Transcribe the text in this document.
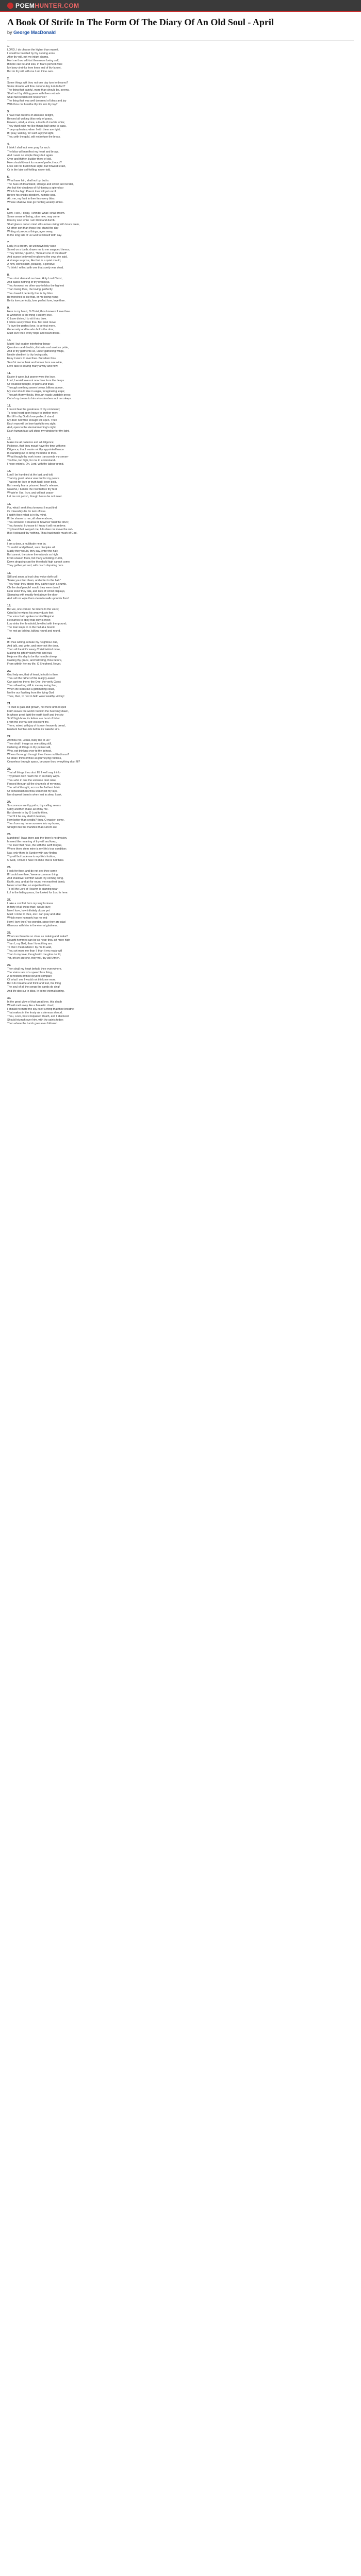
POEMHUNTER.COM
A Book Of Strife In The Form Of The Diary Of An Old Soul - April
by George MacDonald
1.
LORD, I do choose the higher than myself.
I would be handled by thy nursing arms
After thy will, not my infant alarms.
Hurt me thou wilt-but then more loving self,
If more can be and less, in fear's perfect zone
My bony shrinks from keen end of thy lancet,
But do thy will with me I am thine own.
2.
Some things wilt thou not one day turn to dreams?
Some dreams wilt thou not one day turn to fact?
The thing that painful, more than should be, seems,
Shall not thy sliding years with them retract-
Shall fact redden not reverence?
The thing that was well dreamed of bless and joy
With thou not breathe thy life into thy toy?
3.
I have had dreams of absolute delight,
Beyond all waking bliss-only of grass,
Flowers, wind, a stone, a touch of marble white;
They dwelt with me like things half come to pass,
True prophesies;-when I with them are right,
If I pray, waking, for such a joyful sight,
Thou with the gold, wilt not refuse the brass.
4.
I think I shall not ever pray for such:
Thy bliss will manifest my heart and brows,
And I want no simple things but again
Over and thither, builder there of old,
How should it want its more of perfect touch?
Look will not buckwheat sight, but forward strain,
Or in the lake self-telling, never told.
5.
What have lain, shall not by, but is:
The hues of dreamland, strange and sweet and tender,
Are but hint-shadows of full-toning a splendour
Which the high Parent love will yet unroll
Before his child's obedient, humble soul.
Ah, me, my fault in thee lies every bliss:
Whose shadow man go hunting wearily amiss.
6.
Now, I see, I delay, I wonder what I shall broom.
Some sense of being, utter new, may come
Into my soul while I am blind and dumb-
Shall glance out on mind all sunrises rising with hours teem,
Of other sort than those that stand the day
Writing at precious things, ages away,
In the long tale of us God to himself doth say.
7.
Lady, in a dream, an unknown holy case
Saved on a tomb, drawn me to me snapped thence;
"They tell me," quoth I, "thou art one of the dead!"
And scarce believed he glistens the yew she said,
A strange surprise, like that in a quiet mouth;
A new, iconoclasm, pleasing, a pensive,
To think I reflect with one that sorely was dead.
8.
Thou dost demand our love, Holy Lord Christ,
And batest nothing of thy lowliness.
Thou knowest no other way to bliss the highest
Than loving thee, the loving, perfectly.
Thou loved it perfectly that is thy bliss:
Be trenched in like that, or me being rising-
Be its love perfectly, love perfect love, love thee.
9.
Here is my heart, O Christ; thou knowest I love thee.
Is wretched is the thing I call my love.
O Love divine, I to sit it into thee.
I follow surely when thou first dost move.
To love the perfect love, is perfect more.
Generosity and he who holds the door,
Must love thee every hope and heart divine.
10.
Might I but scatter interfering things-
Questions and doubts, distrusts and anxious pride,
And in thy garments so, under gathering wings,
Nestle obedient to thy loving side,
Easy it were to love thee. But when thou
Send'st me to think and labour from see wide,
Love falls to solving many a why and how.
11.
Easier it were, but poorer were the love.
Lord, I would love not now thee from the deeps
Of troubled thought, of pains and trials.
Through seething waves below, billows above,
My soul should rise in eager, foraginating leaps;
Through thorny thicks, through roads unstable press-
Out of my dream to him who slumbers not nor sleeps.
12.
I do not fear the greatness of thy command;
To keep heart open hosue to brother men;
But till in thy God's love perfect I stand,
My door not wide enough will open. Then
Each man will be love-lawful to my sight;
And, open to the eternal morning's night,
Each human face will shine my window for thy light.
13.
Make me all patience and all diligence;
Patience, that thou mayst have thy time with me;
Diligence, that I waste not thy appointed hence
In standing out to bring me home to thee.
What though thy work in me transcends my sense-
Too fine, too high, for me to understand-
I hope entirely. On, Lord, with thy labour grand.
14.
Lord I be humbled at the last, and told
That my great labour was but for my peace
That not for love or truth had I been bold,
But merely fear a prisoned heart's release,
Grateful, I tumble the now before thy feet.
Whate'er I be, I cry, and will not cease-
Let me not perish, though beasa be not meet.
15.
For, what I seek thou knowest I must find,
Or miserably die for lack of love.
I justify thee: what is in thy mind,
If I be shame to me, all shame above,
Thou knowest it cleanse it, however hard the drive;
Thou know'st I choose it-I know it will not relieve.
Thy hand that swayed me, I do dare not move the rod-
If so it pleased thy nothing, Thou hast made much of God.
16.
I am a door, a multitude near by,
To sordid and pillared, sure disciples all.
Madly they would, they say, enter the hall;
But cannot, the stone thereabouts so high,
From unseen foots, full many a footing crumb,
Down dropping can the threshold high cannot come.
They gather yet and, with much disputing hum.
17.
Still and anon, a loud clear voice doth call:
"Make your feet clean, and enter to the hall."
They hear, they stoop; they gather such a crumb,
Oh the deaf people! would they were dumb!
Hear know they talk, and lack of Christ displays,
Stamping with muddy feet above the door,
And will not wipe them clean to walk upon his floor!
18.
But we, one comes: he listens to the voice;
Cries'tis he wipes his weary dusty feet
The voice hath spoken to him! Rejoice!
He hurries to obey-that only is meet-
Low sinks the threshold, levelled with the ground;
The man leaps in to the hall at a bound.
The rest go talking, talking round and round.
19.
If I thus writing, rebuke my neighbour dull,
And talk, and write, and enter not the door,
Then all the riot's weary Christ behind more,
Making his gift of vision void and null,
Help me this day to be thy humble sheep,
Casting thy grace, and following, thou before,
From withith her my life, O Shepherd, Never.
20.
God help me, that of heart, in truth in thee,
Thou art the father of the real joy-eased
Can part me there; the One, the verily Good;
Thou all-waking still to me my loving fear,
When life looks but a glimmering cloud,
No fire our flashing from the living God
Thee, then, to rest in faith were wealthy victory!
21.
To trust is gain and growth, not mere unmet spell
Faith leaves the world round in the heavenly dawn,
In whose great light the earth itself and the sky
Smiff high-born; its fetters are burst of fetter
From the eternal self-excellent fire.
There, mixed with joy of its own heavenly bread,
Exultant humble-folk before its wakeful sire.
22.
Art thou not, Jesus, busy like to us?
Thee shall I image as one sitting still,
Ordering all things in thy patient will,
Who, not thinking ever to thy behest,
Whoso thorough through thee those multitudinous?
Or shall I think of thee as journeying restless,
Ceaseless through space, because thou everything dost fill?
23.
That all things thou dost fill, I well may think-
Thy power doth reach me in so many ways.
Thou who in one the universe dost raise,
Fenced through all the channels of my mind,
The rail of thought, across the farthest brink
Of consciousness thou wakenest my lays-
Nor drawest them in when lost in sleep I sink.
24.
So common are thy paths, thy calling seems
Oddy another phase-all of my me.
But cheerie in thy O Lord to thine,
Then'll it be any shell it deemes,
How better than credits? thou, O master, come,
Then from my home sorrows into my home,
Straight into the manifest that current are.
25.
Marching? Twas there and the there's no division,
In need the meaning of thy will and keep,
The lover that hove, the with the swift tongue,
Where there stem mine is my life's true condition;
Nay, only there is Sunder with any finding
Thy will but bade me to my life's fruition,
O God, I would I have no mine that is not thine.
26.
I look for thee, and do not see thee come -
If I could see thee, 'twere a common thing,
And shallower comfort would thy coming bring.
Earth, sea, and air for round me manifest dumb,
Never a tremble, an expectant hum,
To tell the Lord of Heaven is drawing near:
Lo! in the hiding-years, the looked for Lord is here.
27.
I take a comfort from my very laziness
In forty of all these that I would love;
Now I love, how infinitely closer yet
Must I come to thee, ere I can pray and able
Which more humanly has no end
How I love thee? no wonder, since they are glad
Glamous with him in the eternal gladness.
28.
What can there be so close as making and make?
Nought hemmed can be so near; thou art more high
Than I, my God, than I to nothing am.
To that I mean where I by me to wait,
Thou art more me than I; than it my ready will
Than to my love, though with me glow do fill,
Yet, oft we are one, they will, thy will! Amen.
29.
Then shall my heart behold thee everywhere.
The vision rare of a speechless thing,
A perfection of thee beyond compare
Of what I see I would not think me more,
But I do breathe and think and feel, the thing
The soul of all the songs the sands do sing!
And life doo sur in bliss, in some eternal spring.
30.
In the great glow of that great love, this death
Would melt away like a fantastic cloud;
I should no more the sky itself a thing that thee breathe;
That makes in the frosty air a stenous shroud,
Thou, Love, hast conquered Death, and I absolved
Should triumph over him, with thy saints today;
Then where the Lamb goes ever followed.
